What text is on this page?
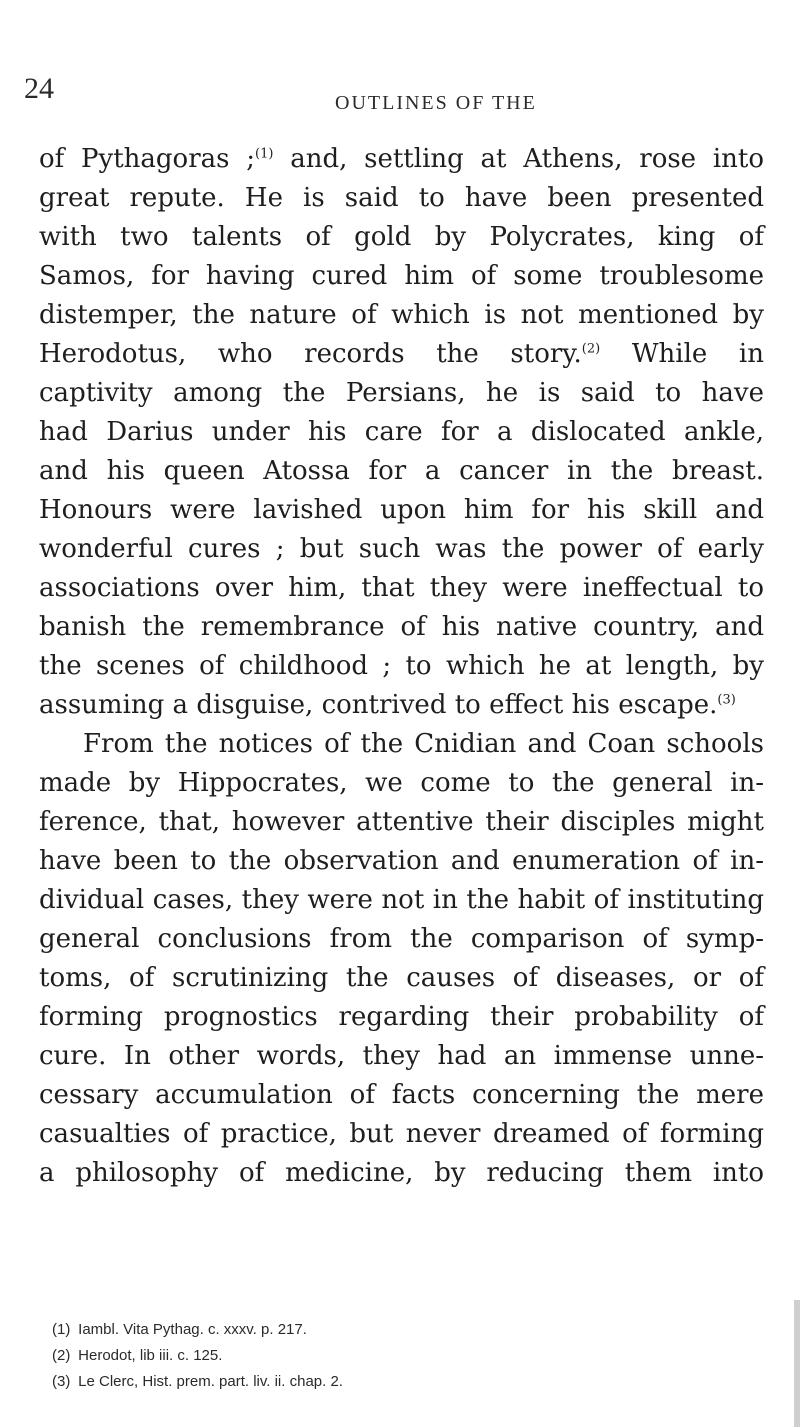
24	OUTLINES OF THE
of Pythagoras ;$^{(1)}$ and, settling at Athens, rose into
great repute. He is said to have been presented
with two talents of gold by Polycrates, king of
Samos, for having cured him of some troublesome
distemper, the nature of which is not mentioned by
Herodotus, who records the story.$^{(2)}$ While in
captivity among the Persians, he is said to have
had Darius under his care for a dislocated ankle,
and his queen Atossa for a cancer in the breast.
Honours were lavished upon him for his skill and
wonderful cures ; but such was the power of early
associations over him, that they were ineffectual to
banish the remembrance of his native country, and
the scenes of childhood ; to which he at length, by
assuming a disguise, contrived to effect his escape.$^{(3)}$
From the notices of the Cnidian and Coan schools
made by Hippocrates, we come to the general in-
ference, that, however attentive their disciples might
have been to the observation and enumeration of in-
dividual cases, they were not in the habit of instituting
general conclusions from the comparison of symp-
toms, of scrutinizing the causes of diseases, or of
forming prognostics regarding their probability of
cure. In other words, they had an immense unne-
cessary accumulation of facts concerning the mere
casualties of practice, but never dreamed of forming
a philosophy of medicine, by reducing them into
(1) Iambl. Vita Pythag. c. xxxv. p. 217.
(2) Herodot, lib iii. c. 125.
(3) Le Clerc, Hist. prem. part. liv. ii. chap. 2.
